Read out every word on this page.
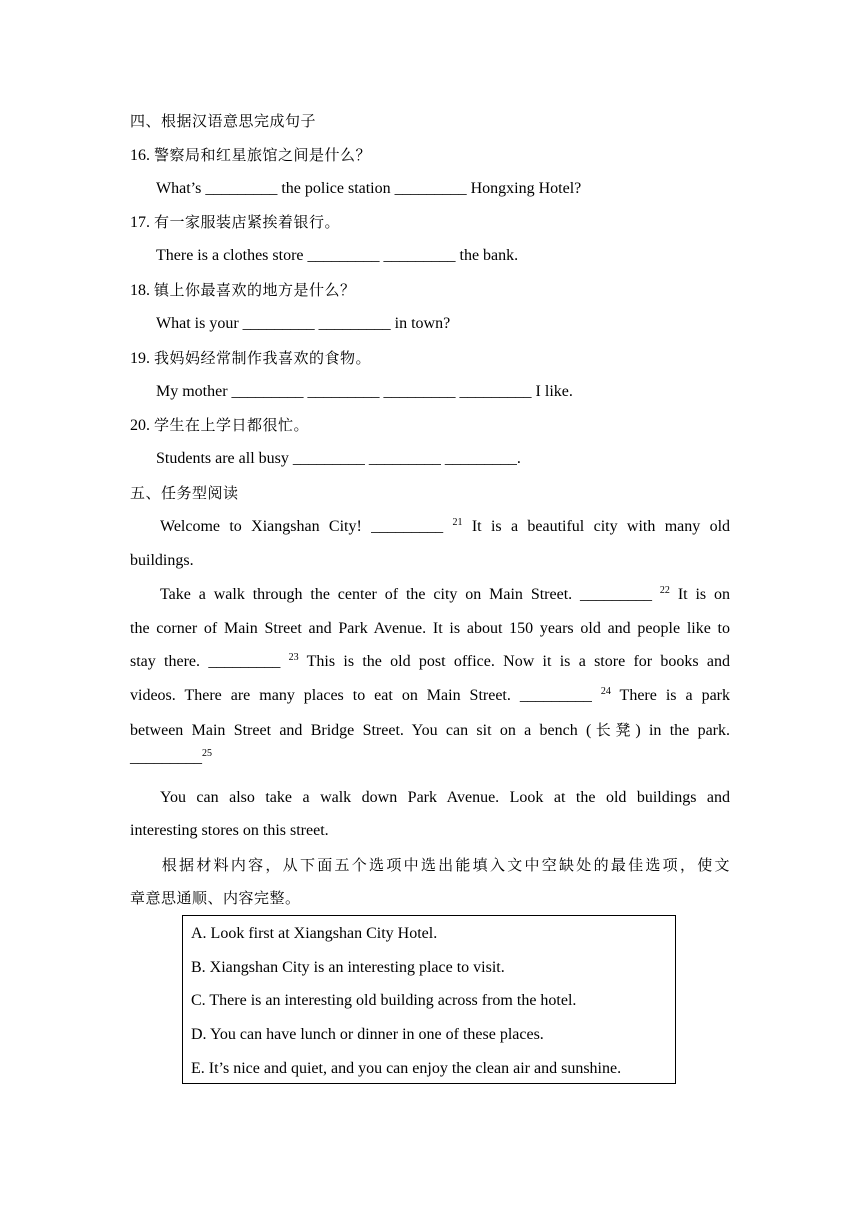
四、根据汉语意思完成句子
16. 警察局和红星旅馆之间是什么？
What’s _________ the police station _________ Hongxing Hotel?
17. 有一家服装店紧挨着银行。
There is a clothes store _________ _________ the bank.
18. 镇上你最喜欢的地方是什么？
What is your _________ _________ in town?
19. 我妈妈经常制作我喜欢的食物。
My mother _________ _________ _________ _________ I like.
20. 学生在上学日都很忙。
Students are all busy _________ _________ _________.
五、任务型阅读
Welcome to Xiangshan City! _________ $^{21}$ It is a beautiful city with many old
buildings.
Take a walk through the center of the city on Main Street. _________ $^{22}$ It is on
the corner of Main Street and Park Avenue. It is about 150 years old and people like to
stay there. _________ $^{23}$ This is the old post office. Now it is a store for books and
videos. There are many places to eat on Main Street. _________ $^{24}$ There is a park
between Main Street and Bridge Street. You can sit on a bench (长凳) in the park.
_________$^{25}$
You can also take a walk down Park Avenue. Look at the old buildings and
interesting stores on this street.
根据材料内容，从下面五个选项中选出能填入文中空缺处的最佳选项，使文
章意思通顺、内容完整。
A. Look first at Xiangshan City Hotel.
B. Xiangshan City is an interesting place to visit.
C. There is an interesting old building across from the hotel.
D. You can have lunch or dinner in one of these places.
E. It’s nice and quiet, and you can enjoy the clean air and sunshine.
